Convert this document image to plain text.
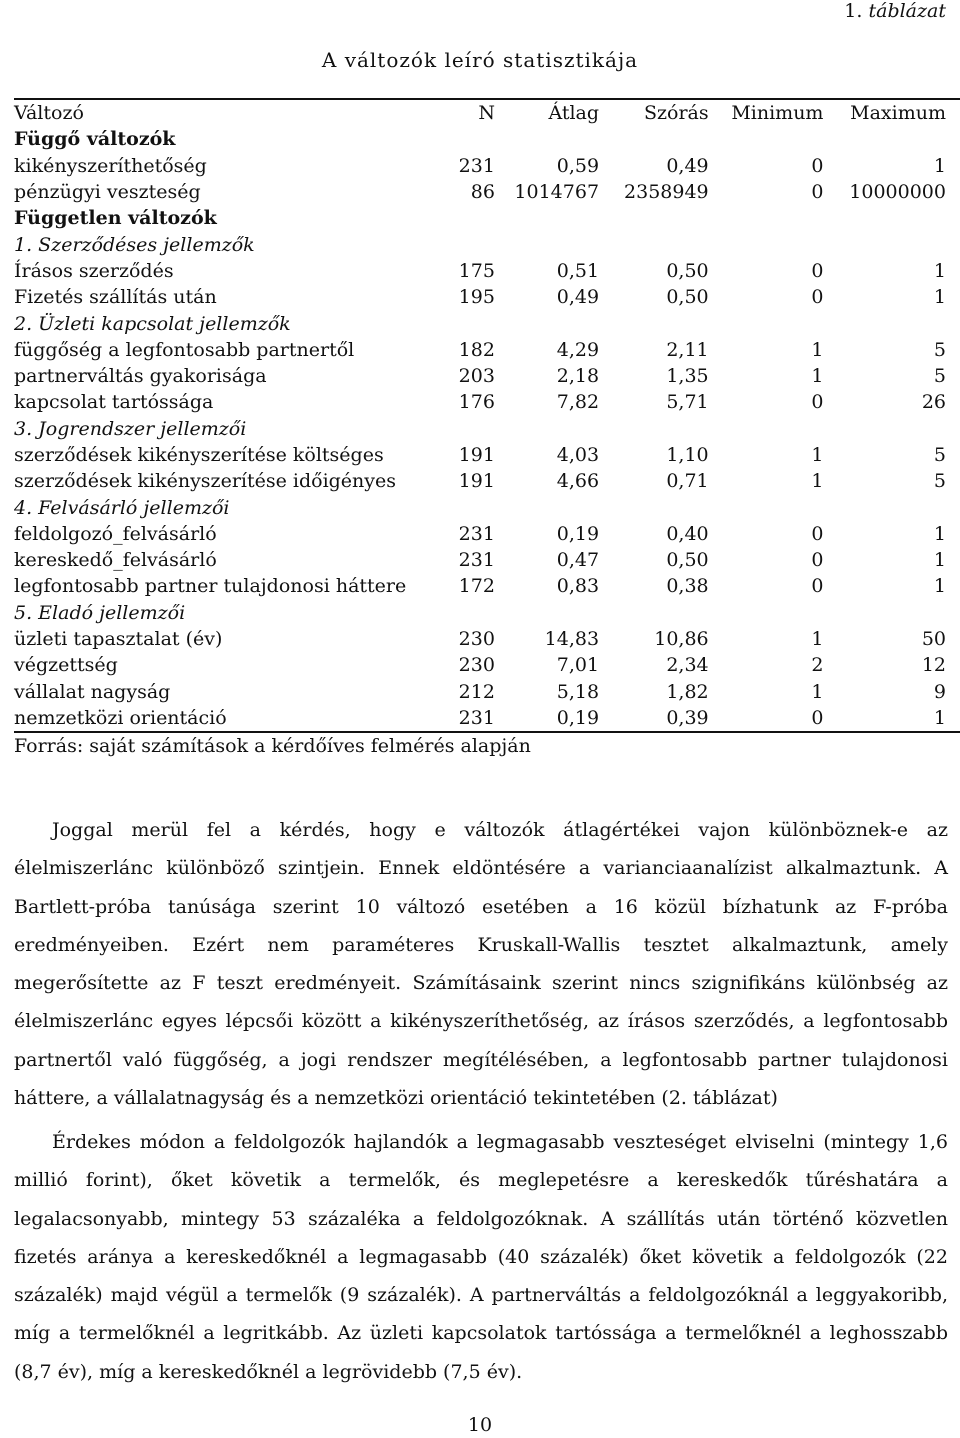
1. táblázat
A változók leíró statisztikája
Változó	N	Átlag	Szórás	Minimum	Maximum
Függő változók					
kikényszeríthetőség	231	0,59	0,49	0	1
pénzügyi veszteség	86	1014767	2358949	0	10000000
Független változók					
1. Szerződéses jellemzők					
Írásos szerződés	175	0,51	0,50	0	1
Fizetés szállítás után	195	0,49	0,50	0	1
2. Üzleti kapcsolat jellemzők					
függőség a legfontosabb partnertől	182	4,29	2,11	1	5
partnerváltás gyakorisága	203	2,18	1,35	1	5
kapcsolat tartóssága	176	7,82	5,71	0	26
3. Jogrendszer jellemzői					
szerződések kikényszerítése költséges	191	4,03	1,10	1	5
szerződések kikényszerítése időigényes	191	4,66	0,71	1	5
4. Felvásárló jellemzői					
feldolgozó_felvásárló	231	0,19	0,40	0	1
kereskedő_felvásárló	231	0,47	0,50	0	1
legfontosabb partner tulajdonosi háttere	172	0,83	0,38	0	1
5. Eladó jellemzői					
üzleti tapasztalat (év)	230	14,83	10,86	1	50
végzettség	230	7,01	2,34	2	12
vállalat nagyság	212	5,18	1,82	1	9
nemzetközi orientáció	231	0,19	0,39	0	1
Forrás: saját számítások a kérdőíves felmérés alapján

Joggal merül fel a kérdés, hogy e változók átlagértékei vajon különböznek-e az élelmiszerlánc különböző szintjein. Ennek eldöntésére a varianciaanalízist alkalmaztunk. A Bartlett-próba tanúsága szerint 10 változó esetében a 16 közül bízhatunk az F-próba eredményeiben. Ezért nem paraméteres Kruskall-Wallis tesztet alkalmaztunk, amely megerősítette az F teszt eredményeit. Számításaink szerint nincs szignifikáns különbség az élelmiszerlánc egyes lépcsői között a kikényszeríthetőség, az írásos szerződés, a legfontosabb partnertől való függőség, a jogi rendszer megítélésében, a legfontosabb partner tulajdonosi háttere, a vállalatnagyság és a nemzetközi orientáció tekintetében (2. táblázat)

Érdekes módon a feldolgozók hajlandók a legmagasabb veszteséget elviselni (mintegy 1,6 millió forint), őket követik a termelők, és meglepetésre a kereskedők tűréshatára a legalacsonyabb, mintegy 53 százaléka a feldolgozóknak. A szállítás után történő közvetlen fizetés aránya a kereskedőknél a legmagasabb (40 százalék) őket követik a feldolgozók (22 százalék) majd végül a termelők (9 százalék). A partnerváltás a feldolgozóknál a leggyakoribb, míg a termelőknél a legritkább. Az üzleti kapcsolatok tartóssága a termelőknél a leghosszabb (8,7 év), míg a kereskedőknél a legrövidebb (7,5 év).

10
